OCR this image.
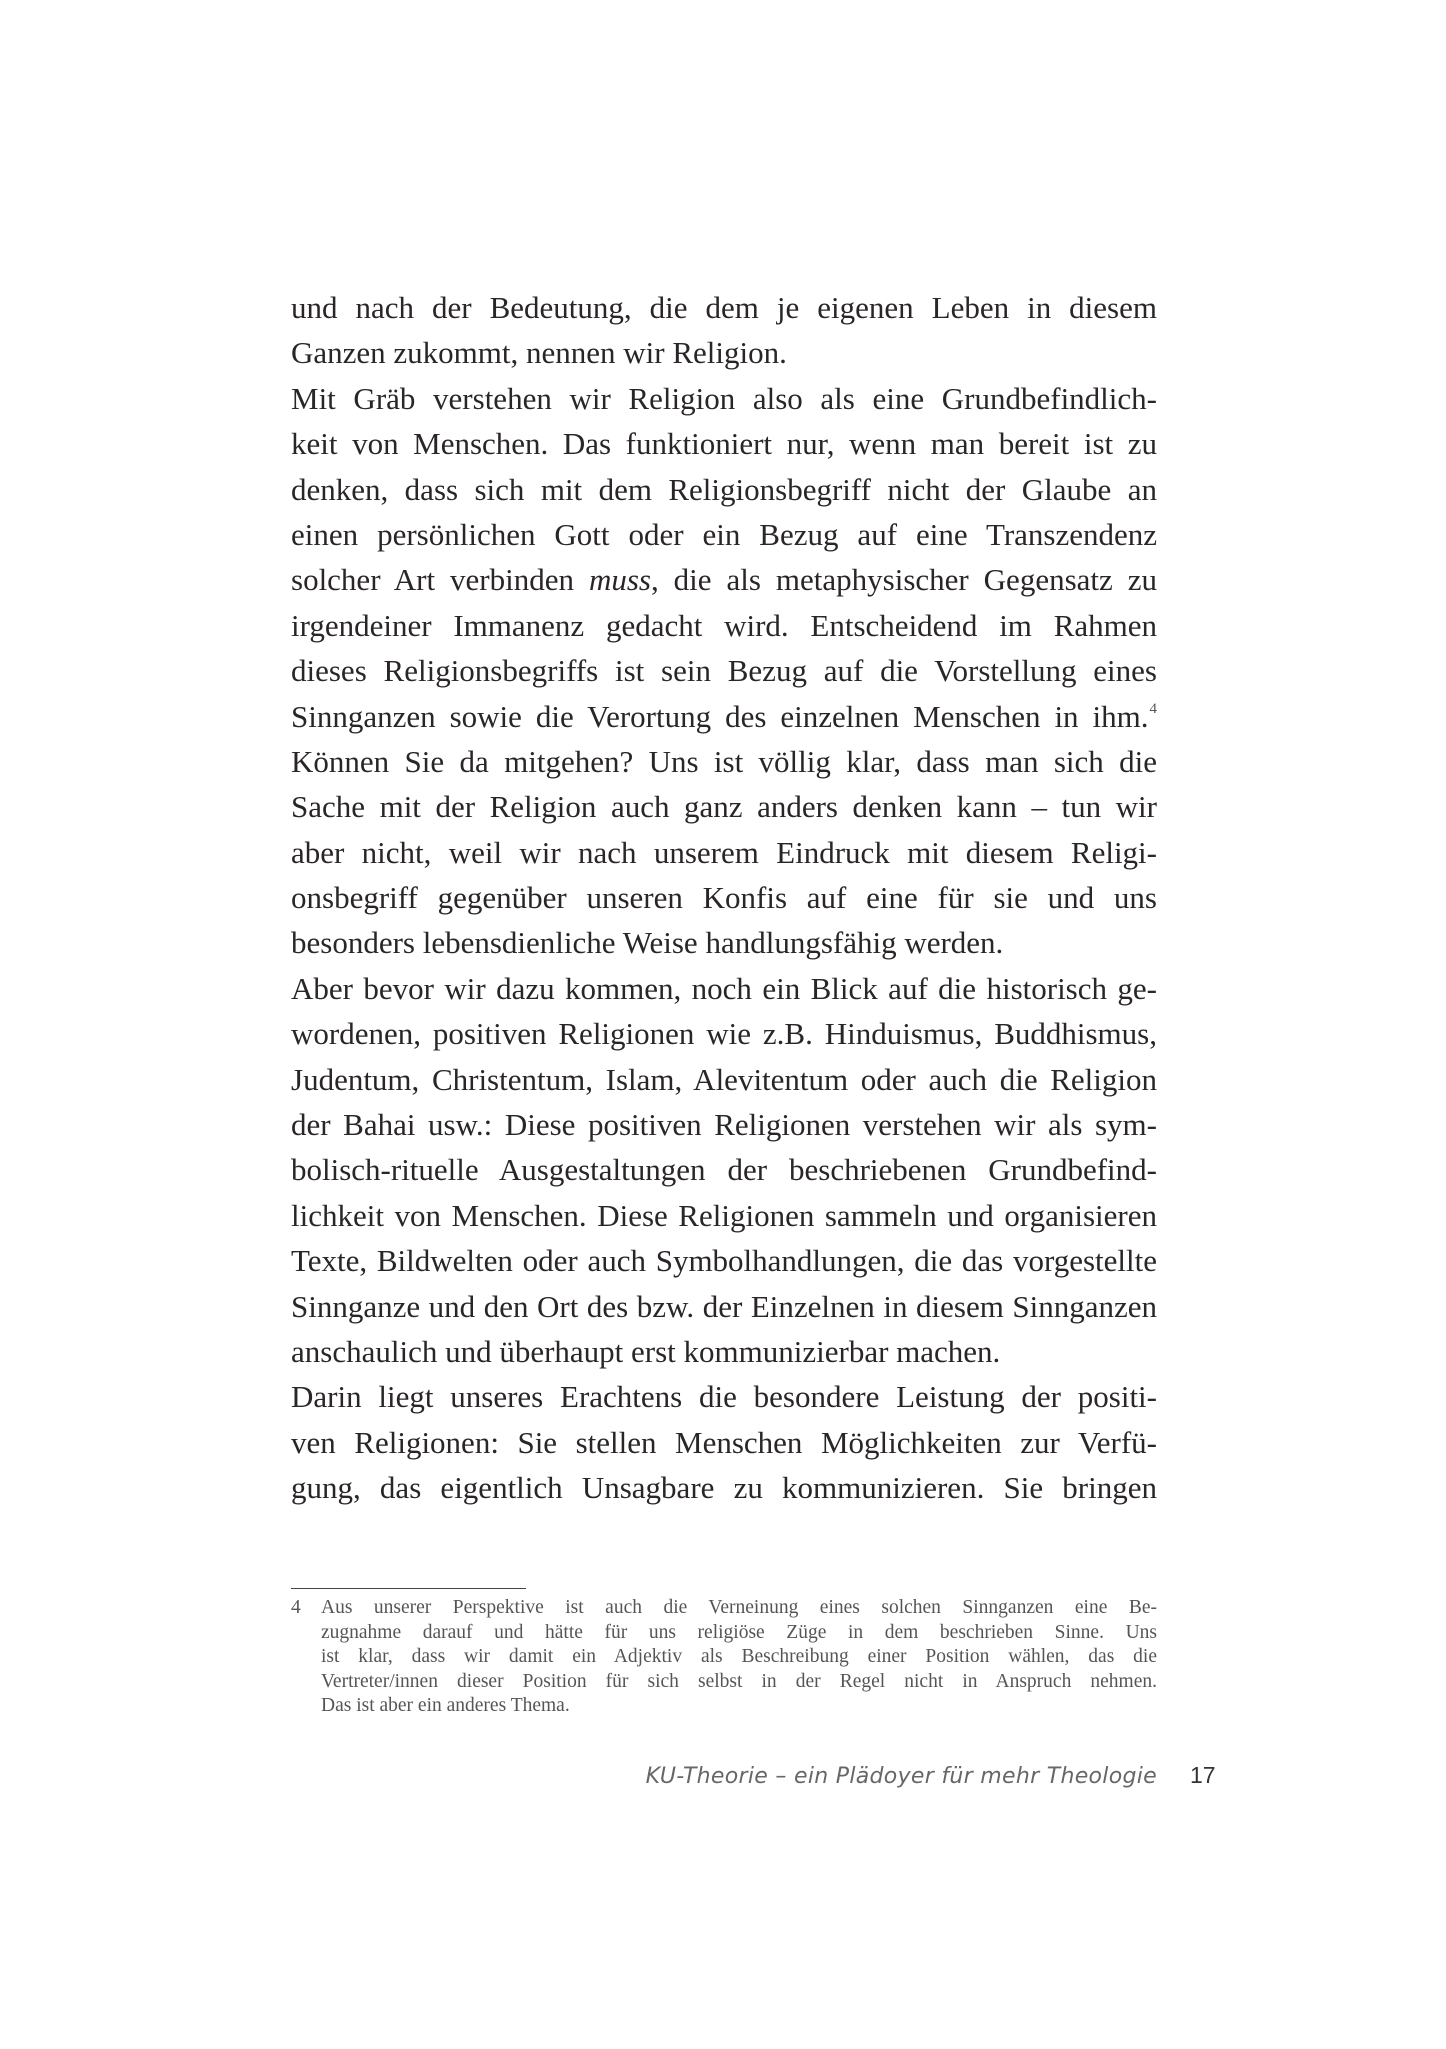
und nach der Bedeutung, die dem je eigenen Leben in diesem
Ganzen zukommt, nennen wir Religion.
Mit Gräb verstehen wir Religion also als eine Grundbefindlich-
keit von Menschen. Das funktioniert nur, wenn man bereit ist zu
denken, dass sich mit dem Religionsbegriff nicht der Glaube an
einen persönlichen Gott oder ein Bezug auf eine Transzendenz
solcher Art verbinden muss, die als metaphysischer Gegensatz zu
irgendeiner Immanenz gedacht wird. Entscheidend im Rahmen
dieses Religionsbegriffs ist sein Bezug auf die Vorstellung eines
Sinnganzen sowie die Verortung des einzelnen Menschen in ihm.$^4$
Können Sie da mitgehen? Uns ist völlig klar, dass man sich die
Sache mit der Religion auch ganz anders denken kann – tun wir
aber nicht, weil wir nach unserem Eindruck mit diesem Religi-
onsbegriff gegenüber unseren Konfis auf eine für sie und uns
besonders lebensdienliche Weise handlungsfähig werden.
Aber bevor wir dazu kommen, noch ein Blick auf die historisch ge-
wordenen, positiven Religionen wie z.B. Hinduismus, Buddhismus,
Judentum, Christentum, Islam, Alevitentum oder auch die Religion
der Bahai usw.: Diese positiven Religionen verstehen wir als sym-
bolisch-rituelle Ausgestaltungen der beschriebenen Grundbefind-
lichkeit von Menschen. Diese Religionen sammeln und organisieren
Texte, Bildwelten oder auch Symbolhandlungen, die das vorgestellte
Sinnganze und den Ort des bzw. der Einzelnen in diesem Sinnganzen
anschaulich und überhaupt erst kommunizierbar machen.
Darin liegt unseres Erachtens die besondere Leistung der positi-
ven Religionen: Sie stellen Menschen Möglichkeiten zur Verfü-
gung, das eigentlich Unsagbare zu kommunizieren. Sie bringen
4 Aus unserer Perspektive ist auch die Verneinung eines solchen Sinnganzen eine Be-
zugnahme darauf und hätte für uns religiöse Züge in dem beschrieben Sinne. Uns
ist klar, dass wir damit ein Adjektiv als Beschreibung einer Position wählen, das die
Vertreter/innen dieser Position für sich selbst in der Regel nicht in Anspruch nehmen.
Das ist aber ein anderes Thema.
KU-Theorie – ein Plädoyer für mehr Theologie 17
